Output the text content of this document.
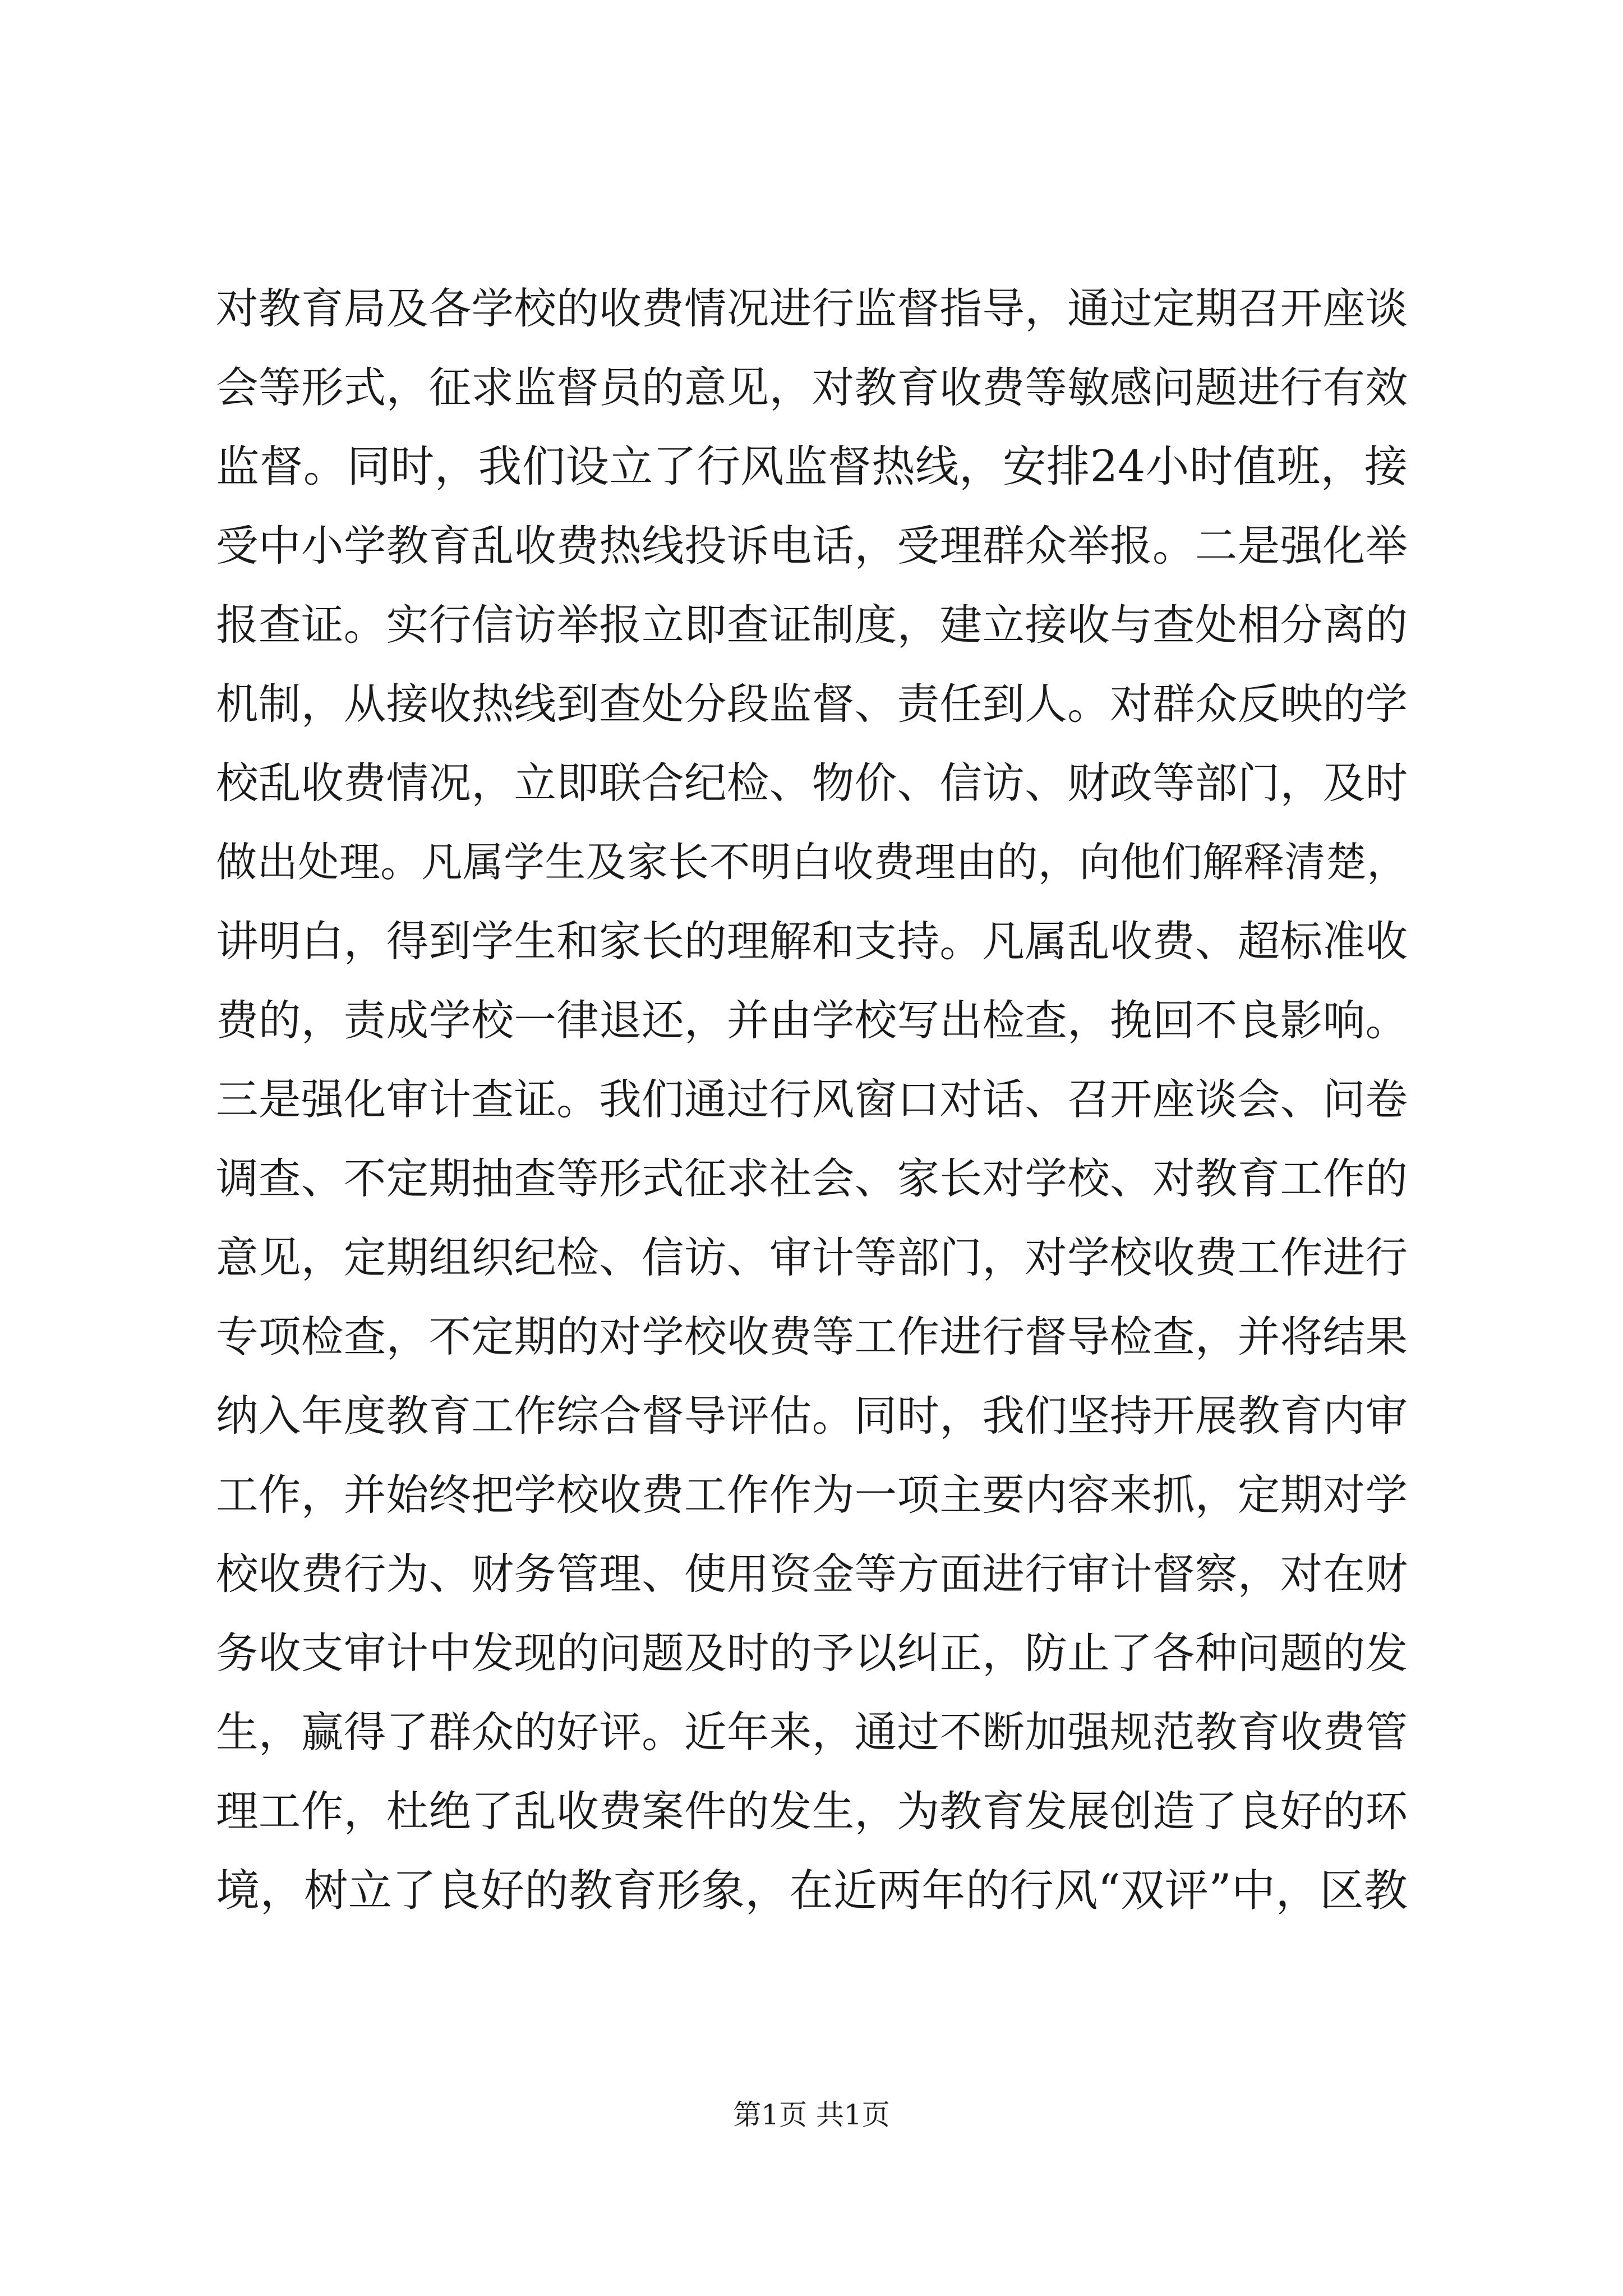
对教育局及各学校的收费情况进行监督指导，通过定期召开座谈
会等形式，征求监督员的意见，对教育收费等敏感问题进行有效
监督。同时，我们设立了行风监督热线，安排24小时值班，接
受中小学教育乱收费热线投诉电话，受理群众举报。二是强化举
报查证。实行信访举报立即查证制度，建立接收与查处相分离的
机制，从接收热线到查处分段监督、责任到人。对群众反映的学
校乱收费情况，立即联合纪检、物价、信访、财政等部门，及时
做出处理。凡属学生及家长不明白收费理由的，向他们解释清楚，
讲明白，得到学生和家长的理解和支持。凡属乱收费、超标准收
费的，责成学校一律退还，并由学校写出检查，挽回不良影响。
三是强化审计查证。我们通过行风窗口对话、召开座谈会、问卷
调查、不定期抽查等形式征求社会、家长对学校、对教育工作的
意见，定期组织纪检、信访、审计等部门，对学校收费工作进行
专项检查，不定期的对学校收费等工作进行督导检查，并将结果
纳入年度教育工作综合督导评估。同时，我们坚持开展教育内审
工作，并始终把学校收费工作作为一项主要内容来抓，定期对学
校收费行为、财务管理、使用资金等方面进行审计督察，对在财
务收支审计中发现的问题及时的予以纠正，防止了各种问题的发
生，赢得了群众的好评。近年来，通过不断加强规范教育收费管
理工作，杜绝了乱收费案件的发生，为教育发展创造了良好的环
境，树立了良好的教育形象，在近两年的行风“双评”中，区教
第1页 共1页
